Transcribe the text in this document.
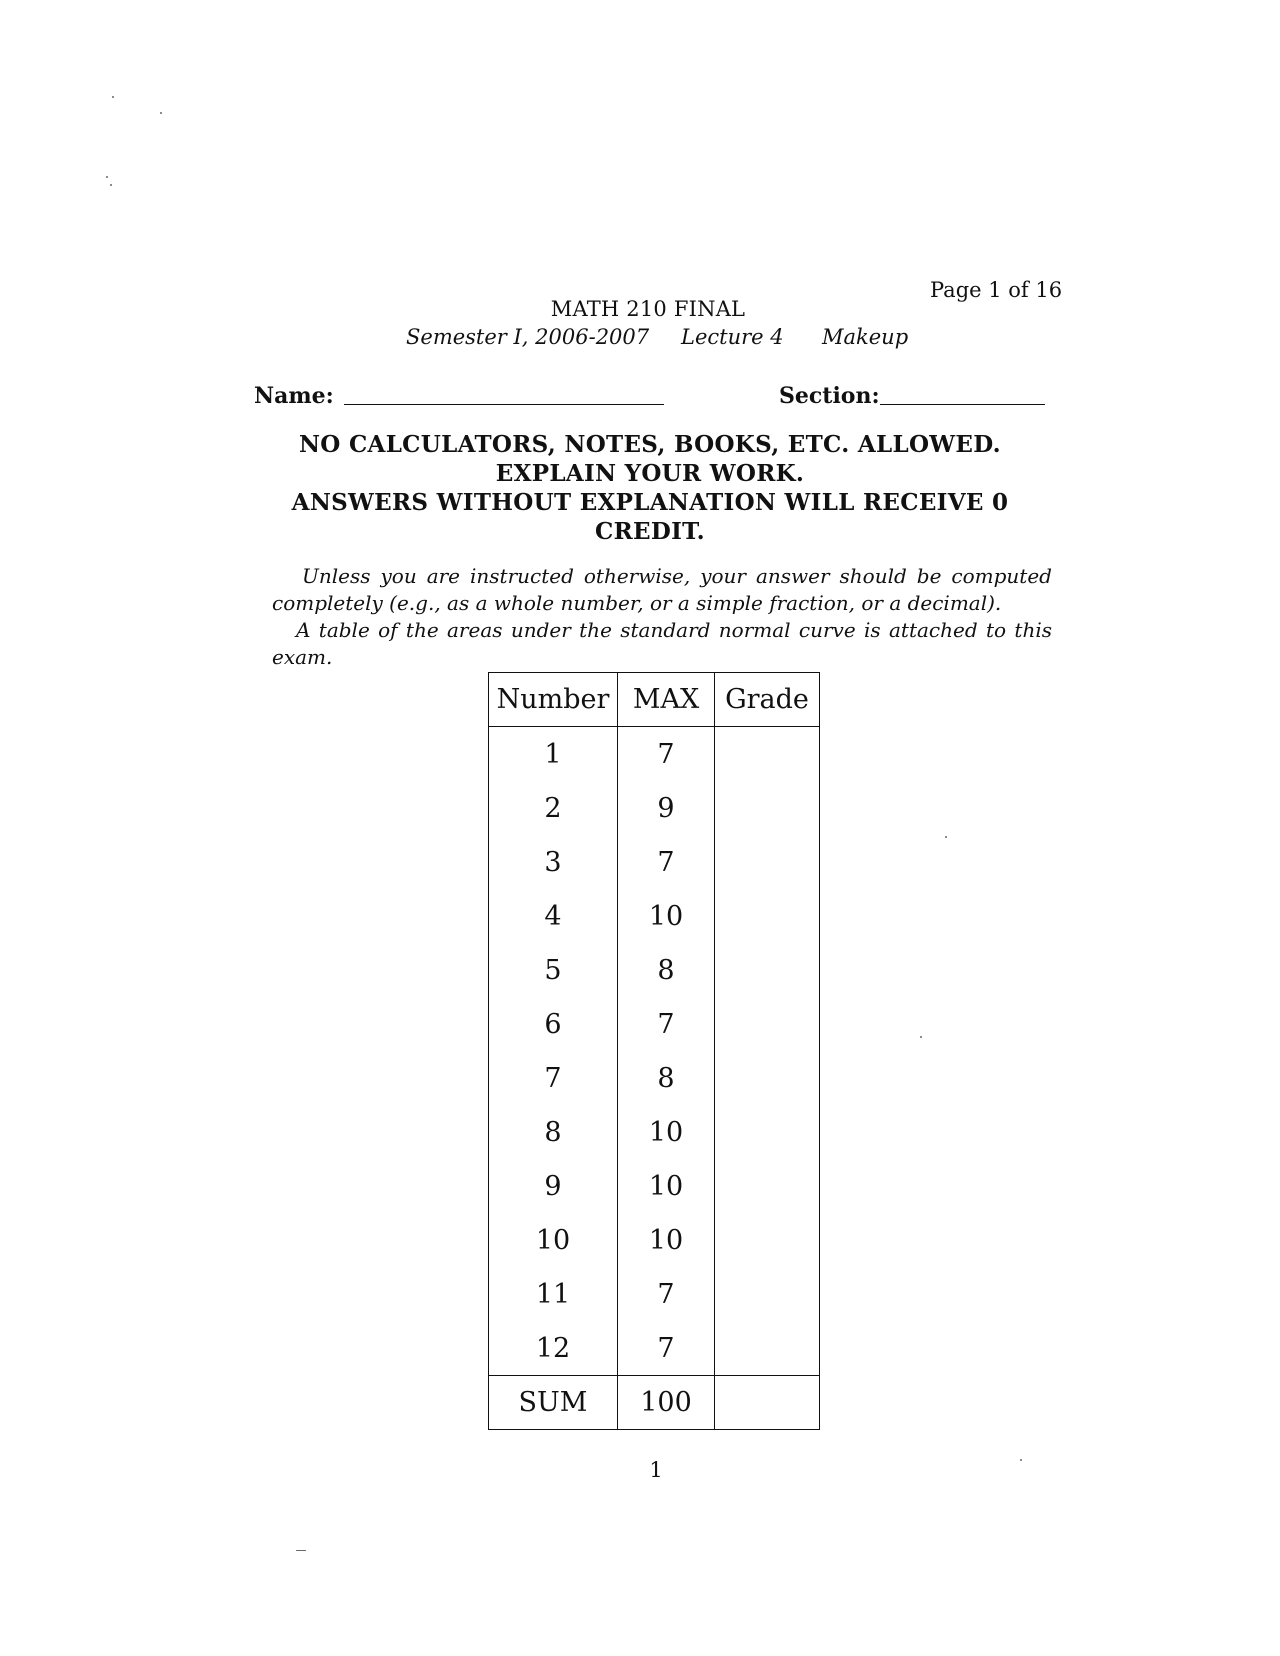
Page 1 of 16
MATH 210 FINAL
Semester I, 2006-2007 Lecture 4 Makeup
Name:	Section:
NO CALCULATORS, NOTES, BOOKS, ETC. ALLOWED.
EXPLAIN YOUR WORK.
ANSWERS WITHOUT EXPLANATION WILL RECEIVE 0 CREDIT.
Unless you are instructed otherwise, your answer should be computed completely (e.g., as a whole number, or a simple fraction, or a decimal).
A table of the areas under the standard normal curve is attached to this exam.
Number	MAX	Grade
1	7	
2	9	
3	7	
4	10	
5	8	
6	7	
7	8	
8	10	
9	10	
10	10	
11	7	
12	7	
SUM	100	
1
